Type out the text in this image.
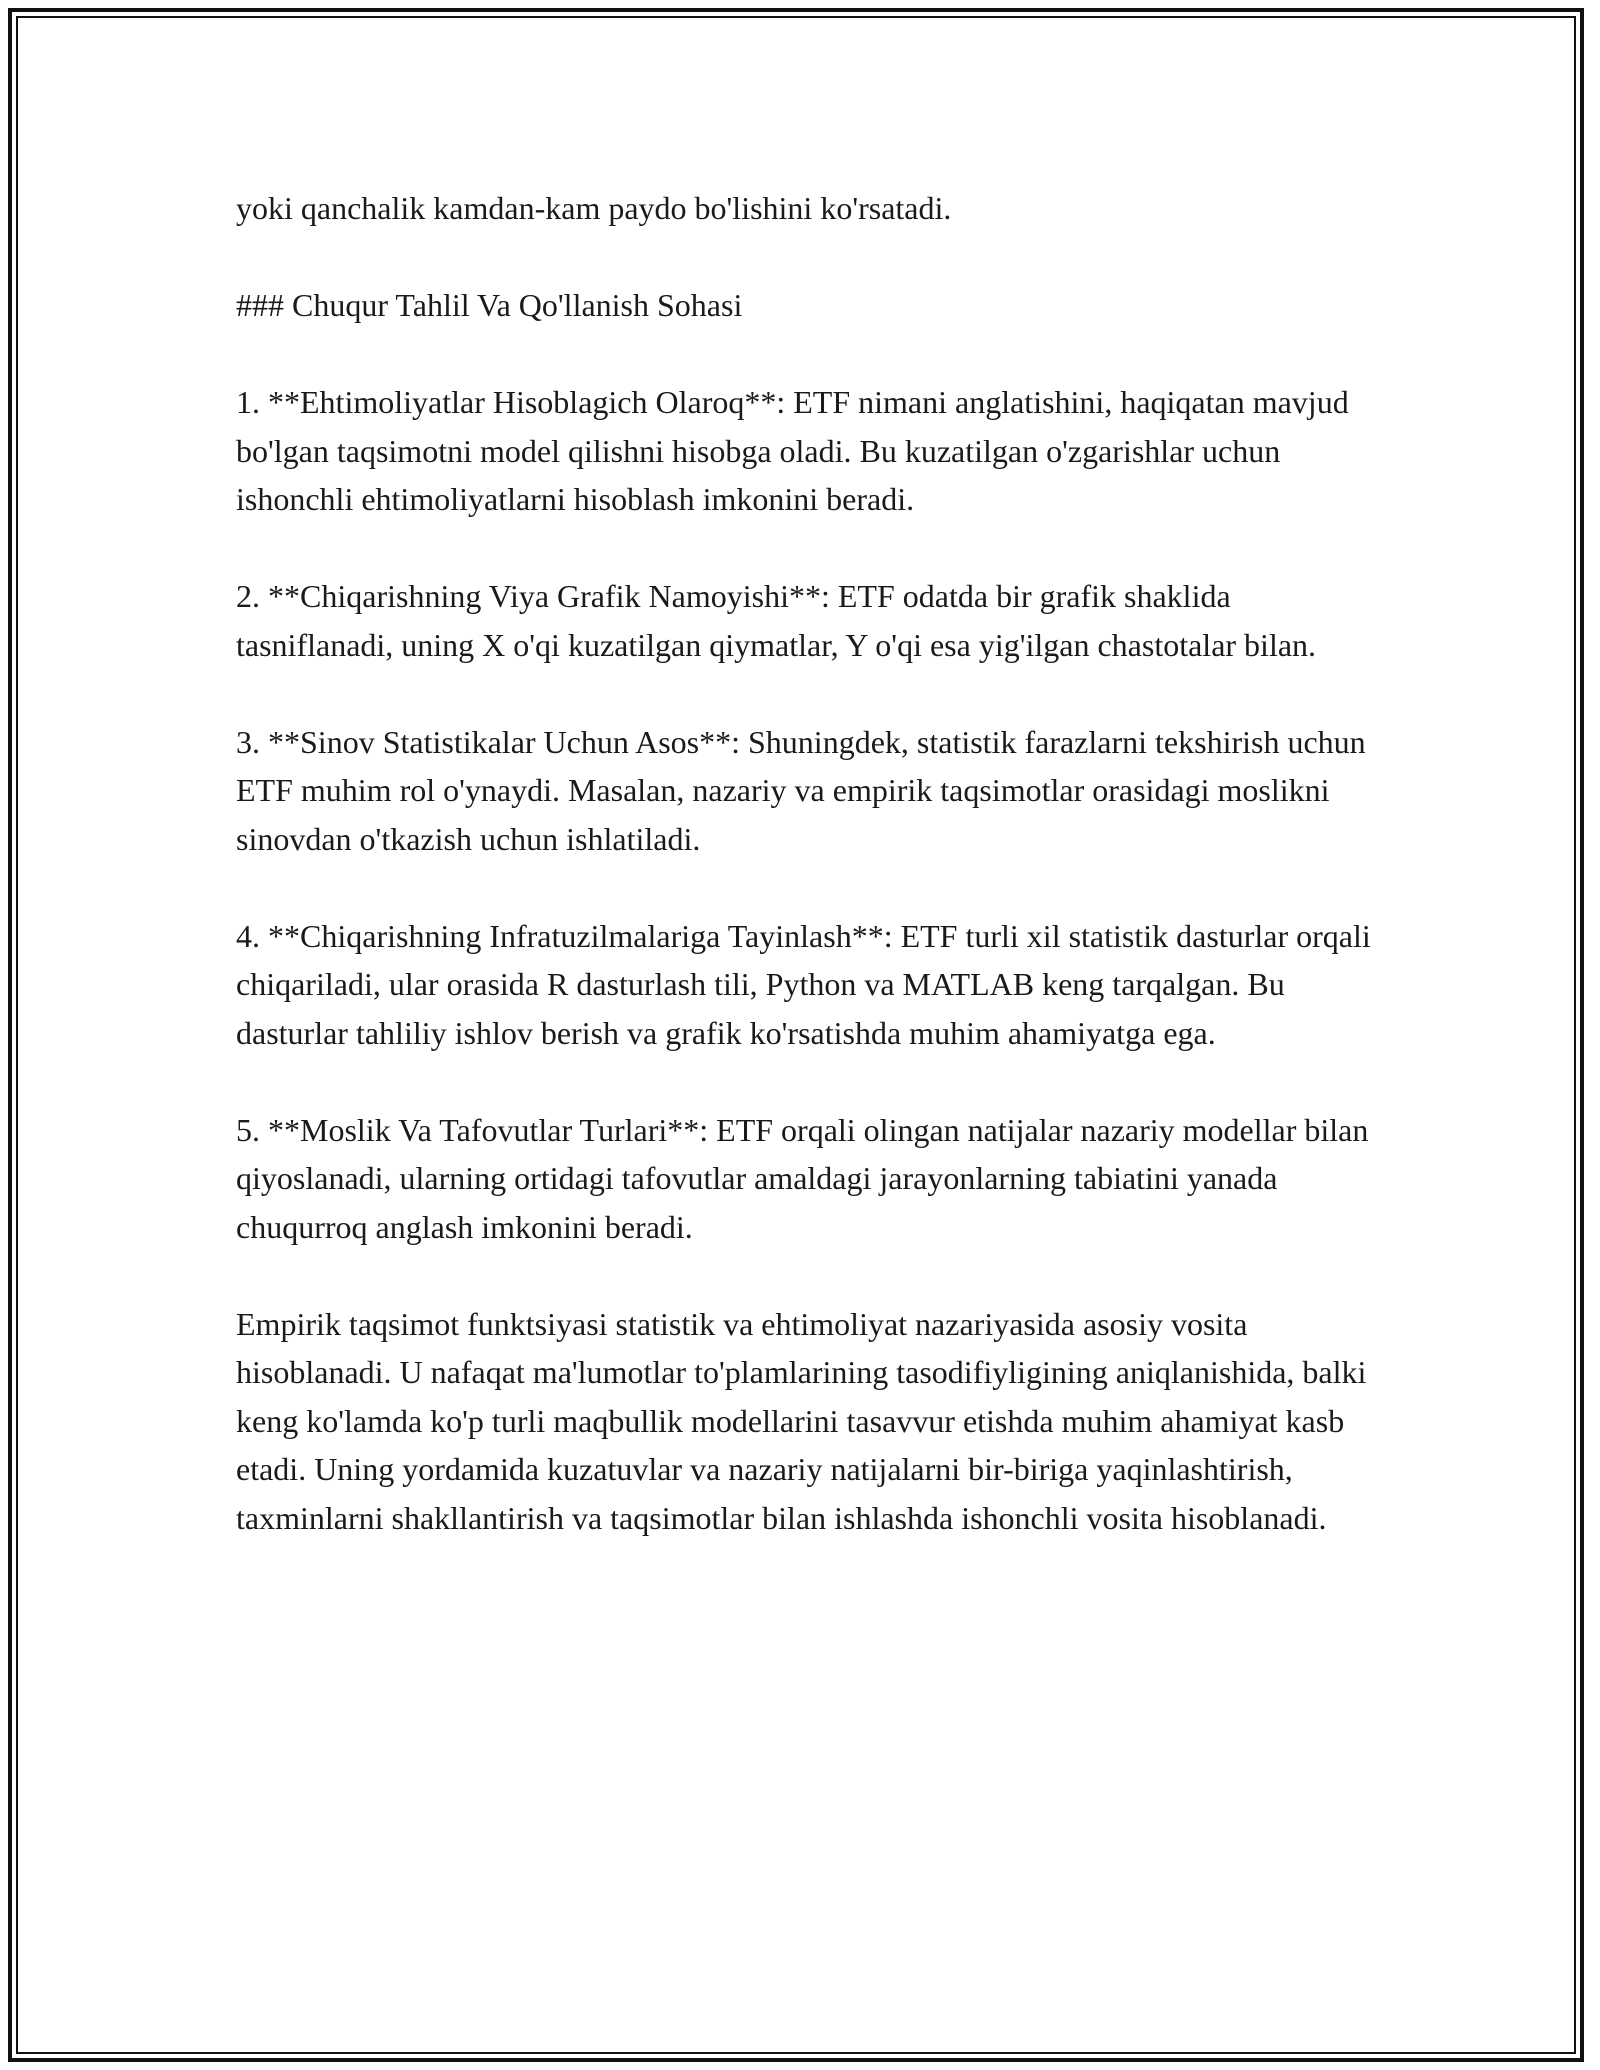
yoki qanchalik kamdan-kam paydo bo'lishini ko'rsatadi.

### Chuqur Tahlil Va Qo'llanish Sohasi

1. **Ehtimoliyatlar Hisoblagich Olaroq**: ETF nimani anglatishini, haqiqatan mavjud bo'lgan taqsimotni model qilishni hisobga oladi. Bu kuzatilgan o'zgarishlar uchun ishonchli ehtimoliyatlarni hisoblash imkonini beradi.

2. **Chiqarishning Viya Grafik Namoyishi**: ETF odatda bir grafik shaklida tasniflanadi, uning X o'qi kuzatilgan qiymatlar, Y o'qi esa yig'ilgan chastotalar bilan.

3. **Sinov Statistikalar Uchun Asos**: Shuningdek, statistik farazlarni tekshirish uchun ETF muhim rol o'ynaydi. Masalan, nazariy va empirik taqsimotlar orasidagi moslikni sinovdan o'tkazish uchun ishlatiladi.

4. **Chiqarishning Infratuzilmalariga Tayinlash**: ETF turli xil statistik dasturlar orqali chiqariladi, ular orasida R dasturlash tili, Python va MATLAB keng tarqalgan. Bu dasturlar tahliliy ishlov berish va grafik ko'rsatishda muhim ahamiyatga ega.

5. **Moslik Va Tafovutlar Turlari**: ETF orqali olingan natijalar nazariy modellar bilan qiyoslanadi, ularning ortidagi tafovutlar amaldagi jarayonlarning tabiatini yanada chuqurroq anglash imkonini beradi.

Empirik taqsimot funktsiyasi statistik va ehtimoliyat nazariyasida asosiy vosita hisoblanadi. U nafaqat ma'lumotlar to'plamlarining tasodifiyligining aniqlanishida, balki keng ko'lamda ko'p turli maqbullik modellarini tasavvur etishda muhim ahamiyat kasb etadi. Uning yordamida kuzatuvlar va nazariy natijalarni bir-biriga yaqinlashtirish, taxminlarni shakllantirish va taqsimotlar bilan ishlashda ishonchli vosita hisoblanadi.
